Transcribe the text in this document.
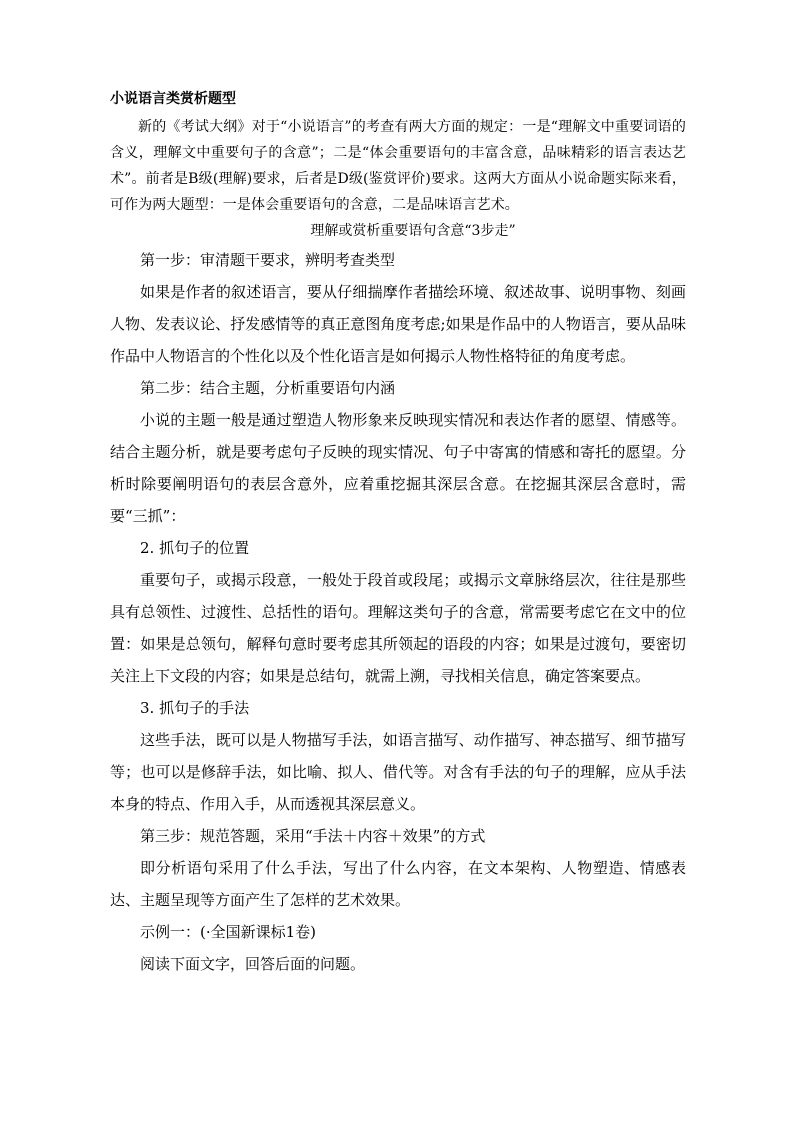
小说语言类赏析题型

新的《考试大纲》对于“小说语言”的考查有两大方面的规定：一是“理解文中重要词语的含义，理解文中重要句子的含意”；二是“体会重要语句的丰富含意，品味精彩的语言表达艺术”。前者是B级(理解)要求，后者是D级(鉴赏评价)要求。这两大方面从小说命题实际来看，可作为两大题型：一是体会重要语句的含意，二是品味语言艺术。

理解或赏析重要语句含意“3步走”

第一步：审清题干要求，辨明考查类型

如果是作者的叙述语言，要从仔细揣摩作者描绘环境、叙述故事、说明事物、刻画人物、发表议论、抒发感情等的真正意图角度考虑;如果是作品中的人物语言，要从品味作品中人物语言的个性化以及个性化语言是如何揭示人物性格特征的角度考虑。

第二步：结合主题，分析重要语句内涵

小说的主题一般是通过塑造人物形象来反映现实情况和表达作者的愿望、情感等。结合主题分析，就是要考虑句子反映的现实情况、句子中寄寓的情感和寄托的愿望。分析时除要阐明语句的表层含意外，应着重挖掘其深层含意。在挖掘其深层含意时，需要“三抓”：

2. 抓句子的位置

重要句子，或揭示段意，一般处于段首或段尾；或揭示文章脉络层次，往往是那些具有总领性、过渡性、总括性的语句。理解这类句子的含意，常需要考虑它在文中的位置：如果是总领句，解释句意时要考虑其所领起的语段的内容；如果是过渡句，要密切关注上下文段的内容；如果是总结句，就需上溯，寻找相关信息，确定答案要点。

3. 抓句子的手法

这些手法，既可以是人物描写手法，如语言描写、动作描写、神态描写、细节描写等；也可以是修辞手法，如比喻、拟人、借代等。对含有手法的句子的理解，应从手法本身的特点、作用入手，从而透视其深层意义。

第三步：规范答题，采用“手法＋内容＋效果”的方式

即分析语句采用了什么手法，写出了什么内容，在文本架构、人物塑造、情感表达、主题呈现等方面产生了怎样的艺术效果。

示例一：(·全国新课标1卷)

阅读下面文字，回答后面的问题。
